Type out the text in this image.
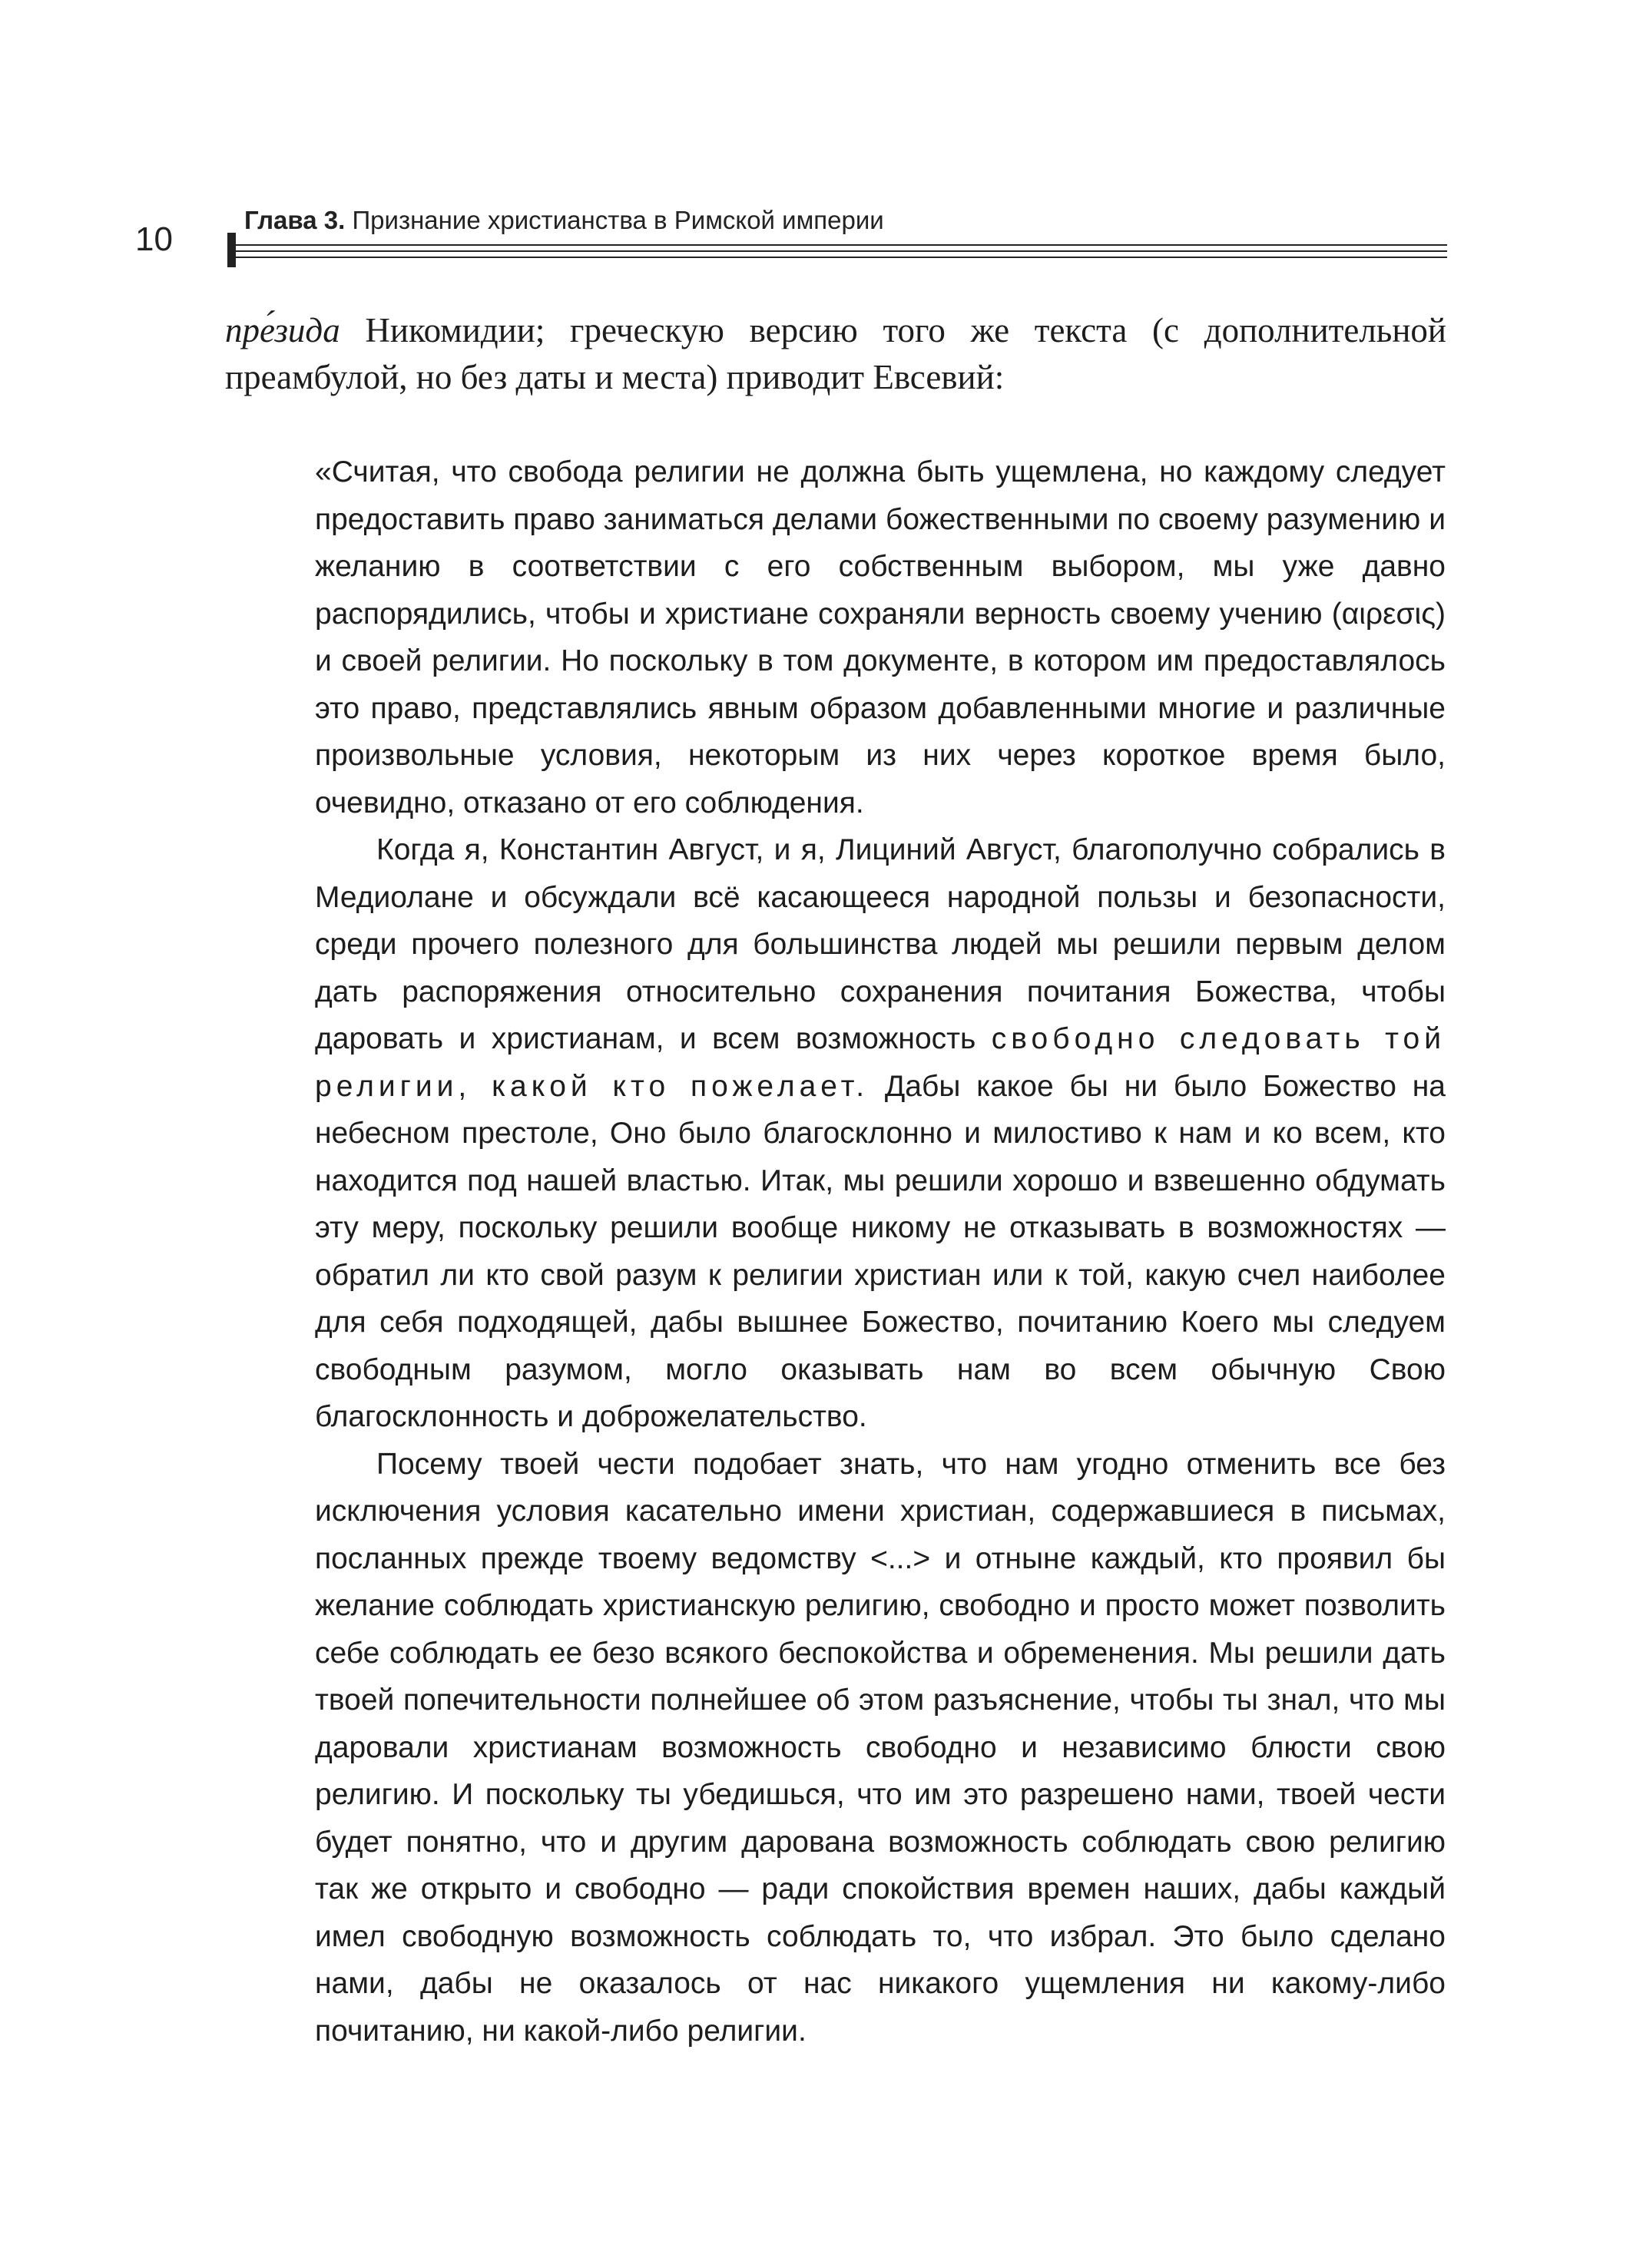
10
Глава 3. Признание христианства в Римской империи

пре́зида Никомидии; греческую версию того же текста (с дополнительной преамбулой, но без даты и места) приводит Евсевий:

«Считая, что свобода религии не должна быть ущемлена, но каждому следует предоставить право заниматься делами божественными по своему разумению и желанию в соответствии с его собственным выбором, мы уже давно распорядились, чтобы и христиане сохраняли верность своему учению (αιρεσις) и своей религии. Но поскольку в том документе, в котором им предоставлялось это право, представлялись явным образом добавленными многие и различные произвольные условия, некоторым из них через короткое время было, очевидно, отказано от его соблюдения.

Когда я, Константин Август, и я, Лициний Август, благополучно собрались в Медиолане и обсуждали всё касающееся народной пользы и безопасности, среди прочего полезного для большинства людей мы решили первым делом дать распоряжения относительно сохранения почитания Божества, чтобы даровать и христианам, и всем возможность свободно следовать той религии, какой кто пожелает. Дабы какое бы ни было Божество на небесном престоле, Оно было благосклонно и милостиво к нам и ко всем, кто находится под нашей властью. Итак, мы решили хорошо и взвешенно обдумать эту меру, поскольку решили вообще никому не отказывать в возможностях — обратил ли кто свой разум к религии христиан или к той, какую счел наиболее для себя подходящей, дабы вышнее Божество, почитанию Коего мы следуем свободным разумом, могло оказывать нам во всем обычную Свою благосклонность и доброжелательство.

Посему твоей чести подобает знать, что нам угодно отменить все без исключения условия касательно имени христиан, содержавшиеся в письмах, посланных прежде твоему ведомству <...> и отныне каждый, кто проявил бы желание соблюдать христианскую религию, свободно и просто может позволить себе соблюдать ее безо всякого беспокойства и обременения. Мы решили дать твоей попечительности полнейшее об этом разъяснение, чтобы ты знал, что мы даровали христианам возможность свободно и независимо блюсти свою религию. И поскольку ты убедишься, что им это разрешено нами, твоей чести будет понятно, что и другим дарована возможность соблюдать свою религию так же открыто и свободно — ради спокойствия времен наших, дабы каждый имел свободную возможность соблюдать то, что избрал. Это было сделано нами, дабы не оказалось от нас никакого ущемления ни какому-либо почитанию, ни какой-либо религии.
